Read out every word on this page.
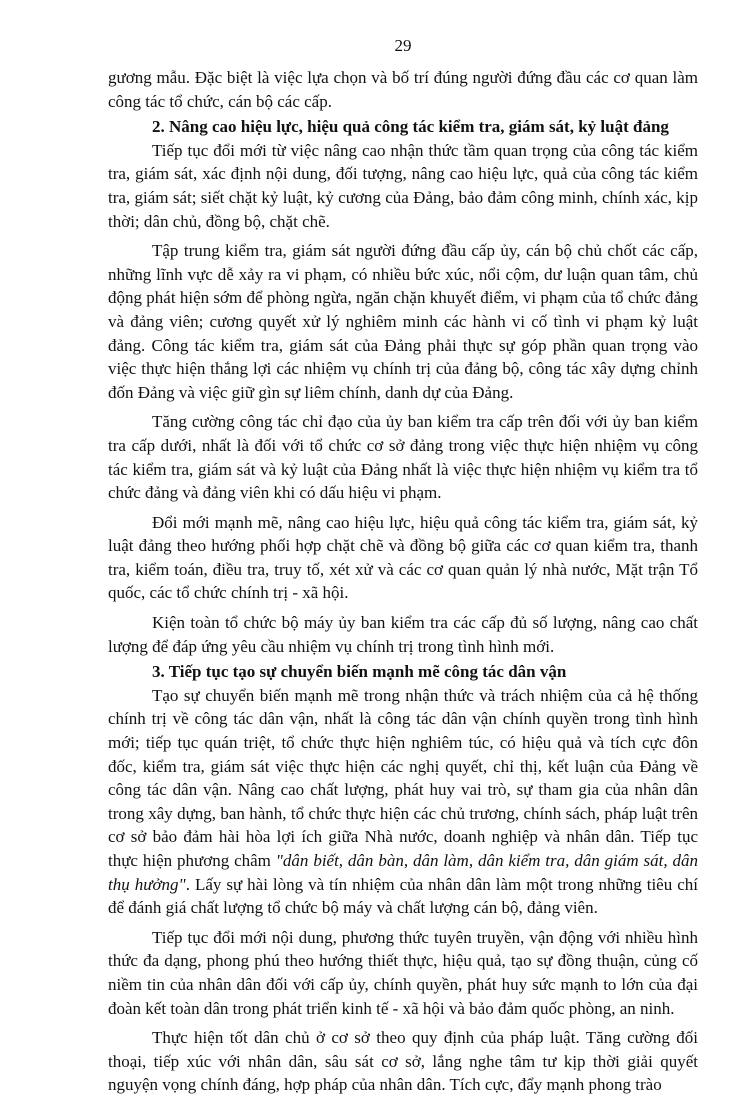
29

gương mẫu. Đặc biệt là việc lựa chọn và bố trí đúng người đứng đầu các cơ quan làm công tác tổ chức, cán bộ các cấp.

2. Nâng cao hiệu lực, hiệu quả công tác kiểm tra, giám sát, kỷ luật đảng

Tiếp tục đổi mới từ việc nâng cao nhận thức tầm quan trọng của công tác kiểm tra, giám sát, xác định nội dung, đối tượng, nâng cao hiệu lực, quả của công tác kiểm tra, giám sát; siết chặt kỷ luật, kỷ cương của Đảng, bảo đảm công minh, chính xác, kịp thời; dân chủ, đồng bộ, chặt chẽ.

Tập trung kiểm tra, giám sát người đứng đầu cấp ủy, cán bộ chủ chốt các cấp, những lĩnh vực dễ xảy ra vi phạm, có nhiều bức xúc, nổi cộm, dư luận quan tâm, chủ động phát hiện sớm để phòng ngừa, ngăn chặn khuyết điểm, vi phạm của tổ chức đảng và đảng viên; cương quyết xử lý nghiêm minh các hành vi cố tình vi phạm kỷ luật đảng. Công tác kiểm tra, giám sát của Đảng phải thực sự góp phần quan trọng vào việc thực hiện thắng lợi các nhiệm vụ chính trị của đảng bộ, công tác xây dựng chỉnh đốn Đảng và việc giữ gìn sự liêm chính, danh dự của Đảng.

Tăng cường công tác chỉ đạo của ủy ban kiểm tra cấp trên đối với ủy ban kiểm tra cấp dưới, nhất là đối với tổ chức cơ sở đảng trong việc thực hiện nhiệm vụ công tác kiểm tra, giám sát và kỷ luật của Đảng nhất là việc thực hiện nhiệm vụ kiểm tra tổ chức đảng và đảng viên khi có dấu hiệu vi phạm.

Đổi mới mạnh mẽ, nâng cao hiệu lực, hiệu quả công tác kiểm tra, giám sát, kỷ luật đảng theo hướng phối hợp chặt chẽ và đồng bộ giữa các cơ quan kiểm tra, thanh tra, kiểm toán, điều tra, truy tố, xét xử và các cơ quan quản lý nhà nước, Mặt trận Tổ quốc, các tổ chức chính trị - xã hội.

Kiện toàn tổ chức bộ máy ủy ban kiểm tra các cấp đủ số lượng, nâng cao chất lượng để đáp ứng yêu cầu nhiệm vụ chính trị trong tình hình mới.

3. Tiếp tục tạo sự chuyển biến mạnh mẽ công tác dân vận

Tạo sự chuyển biến mạnh mẽ trong nhận thức và trách nhiệm của cả hệ thống chính trị về công tác dân vận, nhất là công tác dân vận chính quyền trong tình hình mới; tiếp tục quán triệt, tổ chức thực hiện nghiêm túc, có hiệu quả và tích cực đôn đốc, kiểm tra, giám sát việc thực hiện các nghị quyết, chỉ thị, kết luận của Đảng về công tác dân vận. Nâng cao chất lượng, phát huy vai trò, sự tham gia của nhân dân trong xây dựng, ban hành, tổ chức thực hiện các chủ trương, chính sách, pháp luật trên cơ sở bảo đảm hài hòa lợi ích giữa Nhà nước, doanh nghiệp và nhân dân. Tiếp tục thực hiện phương châm "dân biết, dân bàn, dân làm, dân kiểm tra, dân giám sát, dân thụ hưởng". Lấy sự hài lòng và tín nhiệm của nhân dân làm một trong những tiêu chí để đánh giá chất lượng tổ chức bộ máy và chất lượng cán bộ, đảng viên.

Tiếp tục đổi mới nội dung, phương thức tuyên truyền, vận động với nhiều hình thức đa dạng, phong phú theo hướng thiết thực, hiệu quả, tạo sự đồng thuận, củng cố niềm tin của nhân dân đối với cấp ủy, chính quyền, phát huy sức mạnh to lớn của đại đoàn kết toàn dân trong phát triển kinh tế - xã hội và bảo đảm quốc phòng, an ninh.

Thực hiện tốt dân chủ ở cơ sở theo quy định của pháp luật. Tăng cường đối thoại, tiếp xúc với nhân dân, sâu sát cơ sở, lắng nghe tâm tư kịp thời giải quyết nguyện vọng chính đáng, hợp pháp của nhân dân. Tích cực, đẩy mạnh phong trào
